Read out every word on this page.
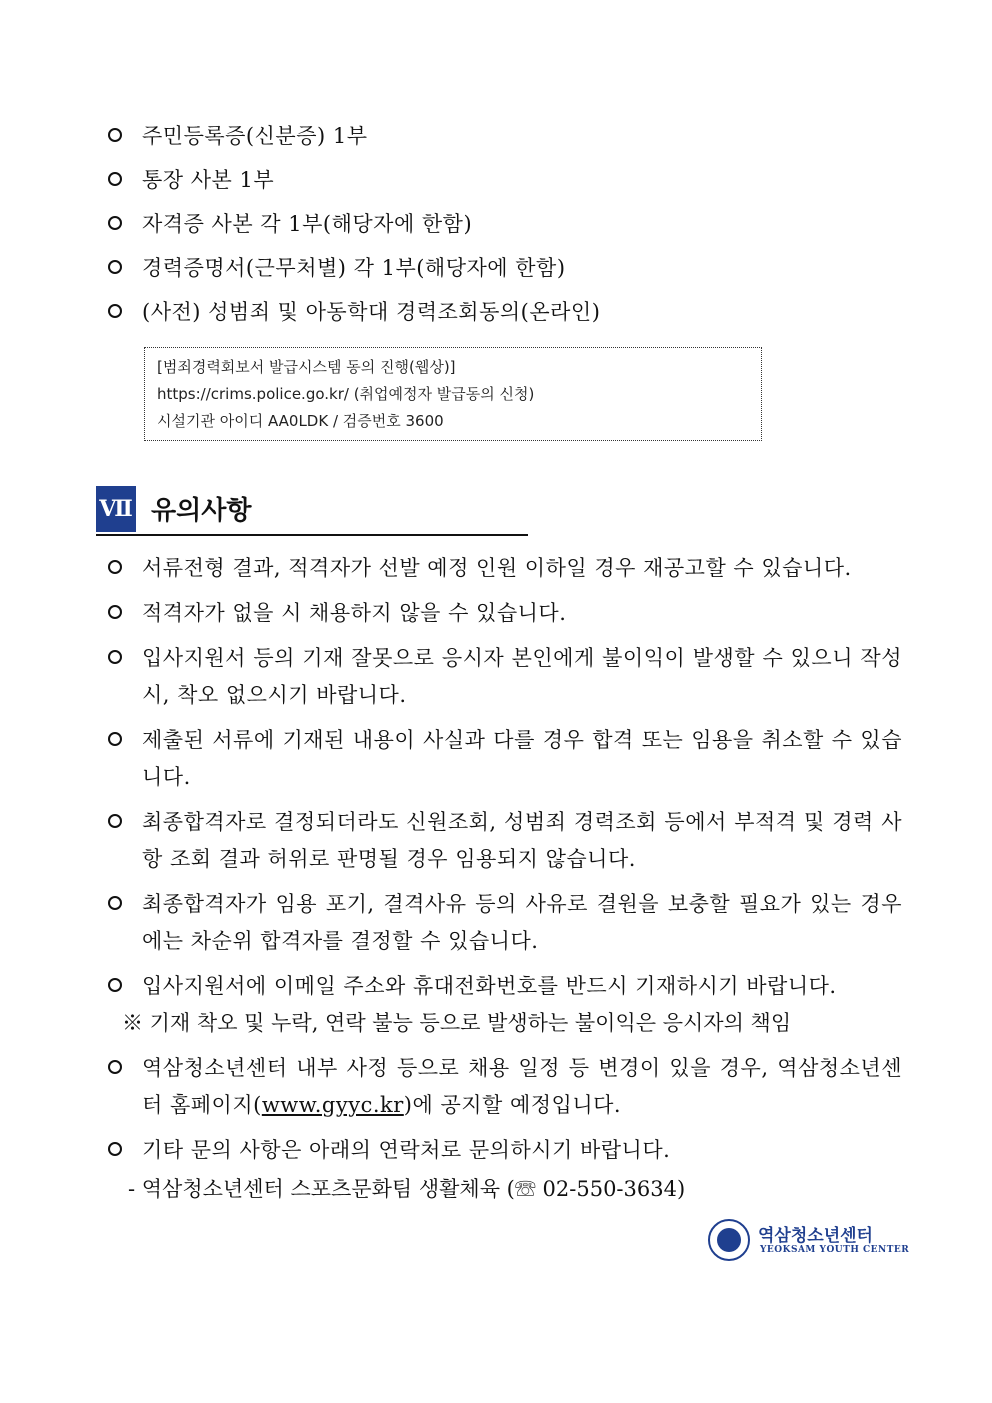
주민등록증(신분증) 1부
통장 사본 1부
자격증 사본 각 1부(해당자에 한함)
경력증명서(근무처별) 각 1부(해당자에 한함)
(사전) 성범죄 및 아동학대 경력조회동의(온라인)
[범죄경력회보서 발급시스템 동의 진행(웹상)]
https://crims.police.go.kr/ (취업예정자 발급동의 신청)
시설기관 아이디 AA0LDK / 검증번호 3600
Ⅶ 유의사항
서류전형 결과, 적격자가 선발 예정 인원 이하일 경우 재공고할 수 있습니다.
적격자가 없을 시 채용하지 않을 수 있습니다.
입사지원서 등의 기재 잘못으로 응시자 본인에게 불이익이 발생할 수 있으니 작성 시, 착오 없으시기 바랍니다.
제출된 서류에 기재된 내용이 사실과 다를 경우 합격 또는 임용을 취소할 수 있습니다.
최종합격자로 결정되더라도 신원조회, 성범죄 경력조회 등에서 부적격 및 경력 사항 조회 결과 허위로 판명될 경우 임용되지 않습니다.
최종합격자가 임용 포기, 결격사유 등의 사유로 결원을 보충할 필요가 있는 경우에는 차순위 합격자를 결정할 수 있습니다.
입사지원서에 이메일 주소와 휴대전화번호를 반드시 기재하시기 바랍니다.
※ 기재 착오 및 누락, 연락 불능 등으로 발생하는 불이익은 응시자의 책임
역삼청소년센터 내부 사정 등으로 채용 일정 등 변경이 있을 경우, 역삼청소년센터 홈페이지(www.gyyc.kr)에 공지할 예정입니다.
기타 문의 사항은 아래의 연락처로 문의하시기 바랍니다.
- 역삼청소년센터 스포츠문화팀 생활체육 (☏ 02-550-3634)
역삼청소년센터
YEOKSAM YOUTH CENTER
